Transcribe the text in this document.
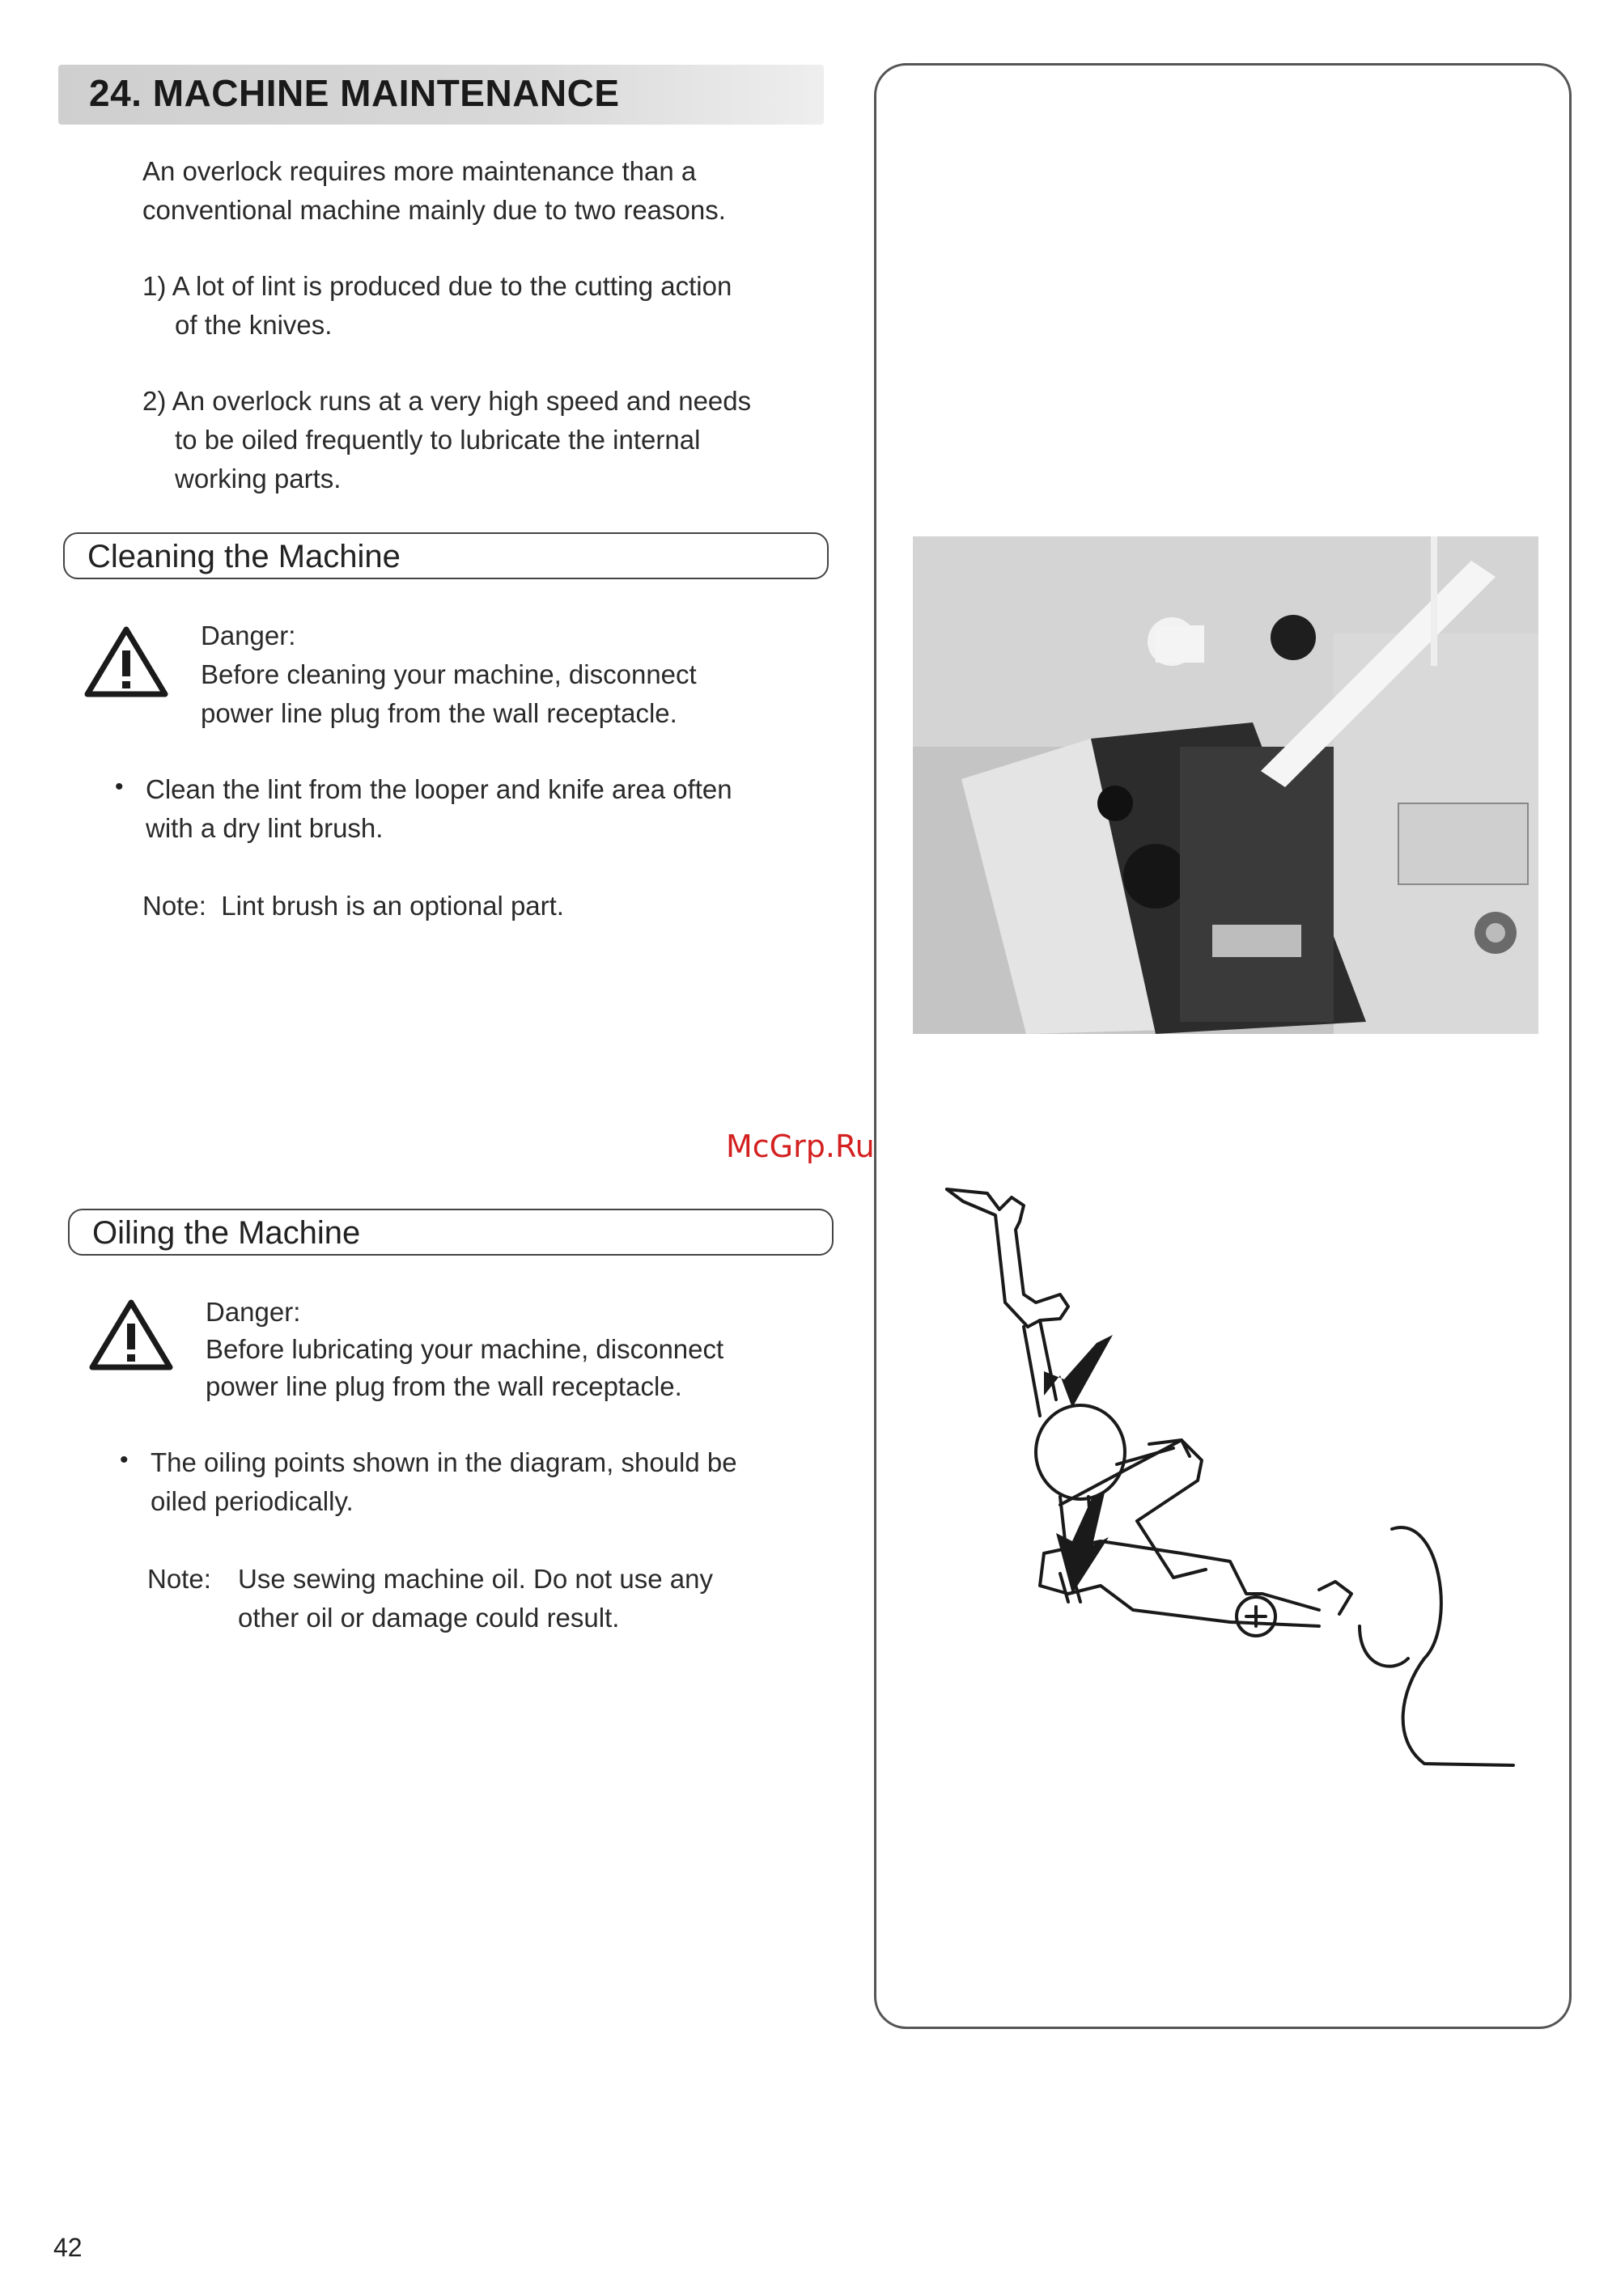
24. MACHINE MAINTENANCE
An overlock requires more maintenance than a
conventional machine mainly due to two reasons.
1) A lot of lint is produced due to the cutting action
of the knives.
2) An overlock runs at a very high speed and needs
to be oiled frequently to lubricate the internal
working parts.
Cleaning the Machine
Danger:
Before cleaning your machine, disconnect
power line plug from the wall receptacle.
• Clean the lint from the looper and knife area often
with a dry lint brush.
Note:  Lint brush is an optional part.
McGrp.Ru
Oiling the Machine
Danger:
Before lubricating your machine, disconnect
power line plug from the wall receptacle.
• The oiling points shown in the diagram, should be
oiled periodically.
Note: Use sewing machine oil. Do not use any
other oil or damage could result.
42
